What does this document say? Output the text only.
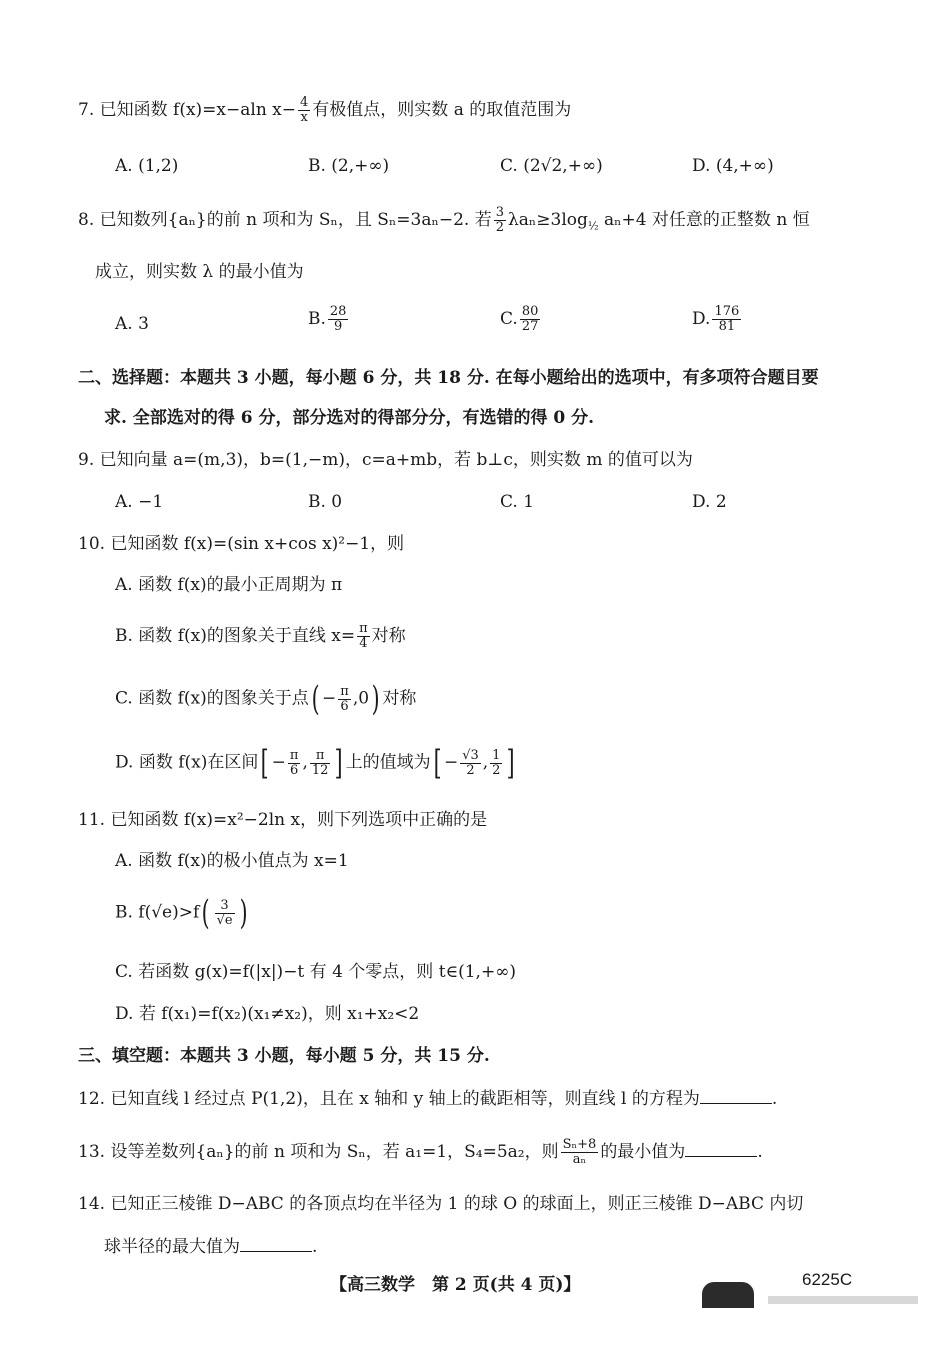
7. 已知函数 f(x)=x−aln $x- \frac{4}{x}$ 有极值点，则实数 a 的取值范围为
A. (1,2)	B. (2,+∞)	C. (2√2,+∞)	D. (4,+∞)
8. 已知数列{aₙ}的前 n 项和为 Sₙ，且 Sₙ=3aₙ−2. 若 $\frac{3}{2} \lambda a_n\ge 3\log_{\frac{1}{2}}$ aₙ+4 对任意的正整数 n 恒
成立，则实数 λ 的最小值为
A. 3	B. $\frac{28}{9}$	C. $\frac{80}{27}$	D. $\frac{176}{81}$
二、选择题：本题共 3 小题，每小题 6 分，共 18 分. 在每小题给出的选项中，有多项符合题目要
求. 全部选对的得 6 分，部分选对的得部分分，有选错的得 0 分.
9. 已知向量 a=(m,3)，b=(1,−m)，c=a+mb，若 b⊥c，则实数 m 的值可以为
A. −1	B. 0	C. 1	D. 2
10. 已知函数 f(x)=(sin x+cos x)²−1，则
A. 函数 f(x)的最小正周期为 π
B. 函数 f(x)的图象关于直线 $x= \frac{\pi}{4}$ 对称
C. 函数 f(x)的图象关于点( − $\frac{\pi}{6} ,0$) 对称
D. 函数 f(x)在区间[ − $\frac{\pi}{6}$ , $\frac{\pi}{12}$ ] 上的值域为[ − $\frac{√3}{2}$ , $\frac{1}{2}$ ]
11. 已知函数 f(x)=x²−2ln x，则下列选项中正确的是
A. 函数 f(x)的极小值点为 x=1
B. $f(√e)>f( \frac{3}{√e}$ )
C. 若函数 g(x)=f(|x|)−t 有 4 个零点，则 t∈(1,+∞)
D. 若 f(x₁)=f(x₂)(x₁≠x₂)，则 x₁+x₂<2
三、填空题：本题共 3 小题，每小题 5 分，共 15 分.
12. 已知直线 l 经过点 P(1,2)，且在 x 轴和 y 轴上的截距相等，则直线 l 的方程为	.
13. 设等差数列{aₙ}的前 n 项和为 Sₙ，若 a₁=1，S₄=5a₂，则 $\frac{\text{Sₙ+8}}{\text{aₙ}}$ 的最小值为	.
14. 已知正三棱锥 D−ABC 的各顶点均在半径为 1 的球 O 的球面上，则正三棱锥 D−ABC 内切
球半径的最大值为	.
【高三数学　第 2 页(共 4 页)】	6225C
